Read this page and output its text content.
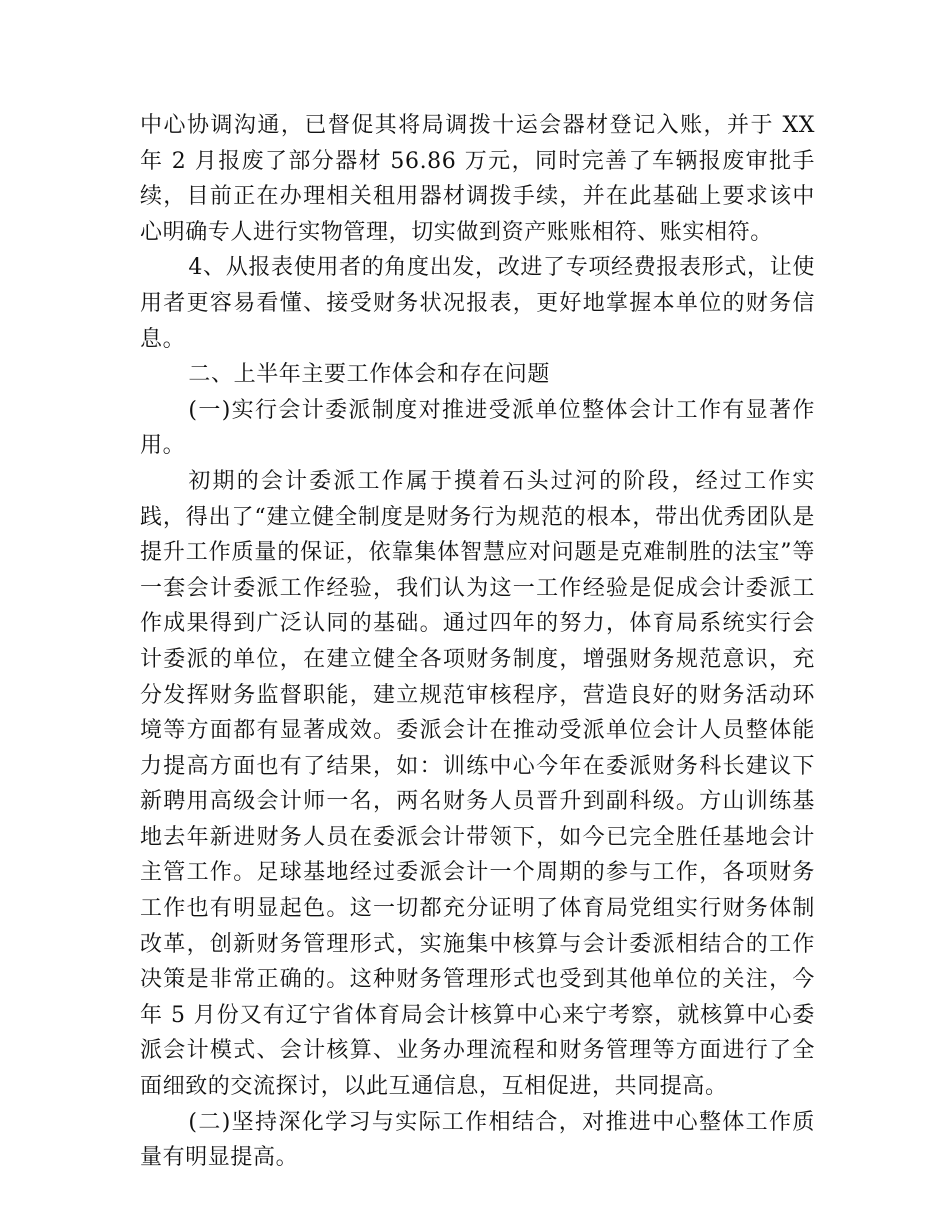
中心协调沟通，已督促其将局调拨十运会器材登记入账，并于 XX 年 2 月报废了部分器材 56.86 万元，同时完善了车辆报废审批手续，目前正在办理相关租用器材调拨手续，并在此基础上要求该中心明确专人进行实物管理，切实做到资产账账相符、账实相符。

4、从报表使用者的角度出发，改进了专项经费报表形式，让使用者更容易看懂、接受财务状况报表，更好地掌握本单位的财务信息。

二、上半年主要工作体会和存在问题

(一)实行会计委派制度对推进受派单位整体会计工作有显著作用。

初期的会计委派工作属于摸着石头过河的阶段，经过工作实践，得出了“建立健全制度是财务行为规范的根本，带出优秀团队是提升工作质量的保证，依靠集体智慧应对问题是克难制胜的法宝”等一套会计委派工作经验，我们认为这一工作经验是促成会计委派工作成果得到广泛认同的基础。通过四年的努力，体育局系统实行会计委派的单位，在建立健全各项财务制度，增强财务规范意识，充分发挥财务监督职能，建立规范审核程序，营造良好的财务活动环境等方面都有显著成效。委派会计在推动受派单位会计人员整体能力提高方面也有了结果，如：训练中心今年在委派财务科长建议下新聘用高级会计师一名，两名财务人员晋升到副科级。方山训练基地去年新进财务人员在委派会计带领下，如今已完全胜任基地会计主管工作。足球基地经过委派会计一个周期的参与工作，各项财务工作也有明显起色。这一切都充分证明了体育局党组实行财务体制改革，创新财务管理形式，实施集中核算与会计委派相结合的工作决策是非常正确的。这种财务管理形式也受到其他单位的关注，今年 5 月份又有辽宁省体育局会计核算中心来宁考察，就核算中心委派会计模式、会计核算、业务办理流程和财务管理等方面进行了全面细致的交流探讨，以此互通信息，互相促进，共同提高。

(二)坚持深化学习与实际工作相结合，对推进中心整体工作质量有明显提高。
